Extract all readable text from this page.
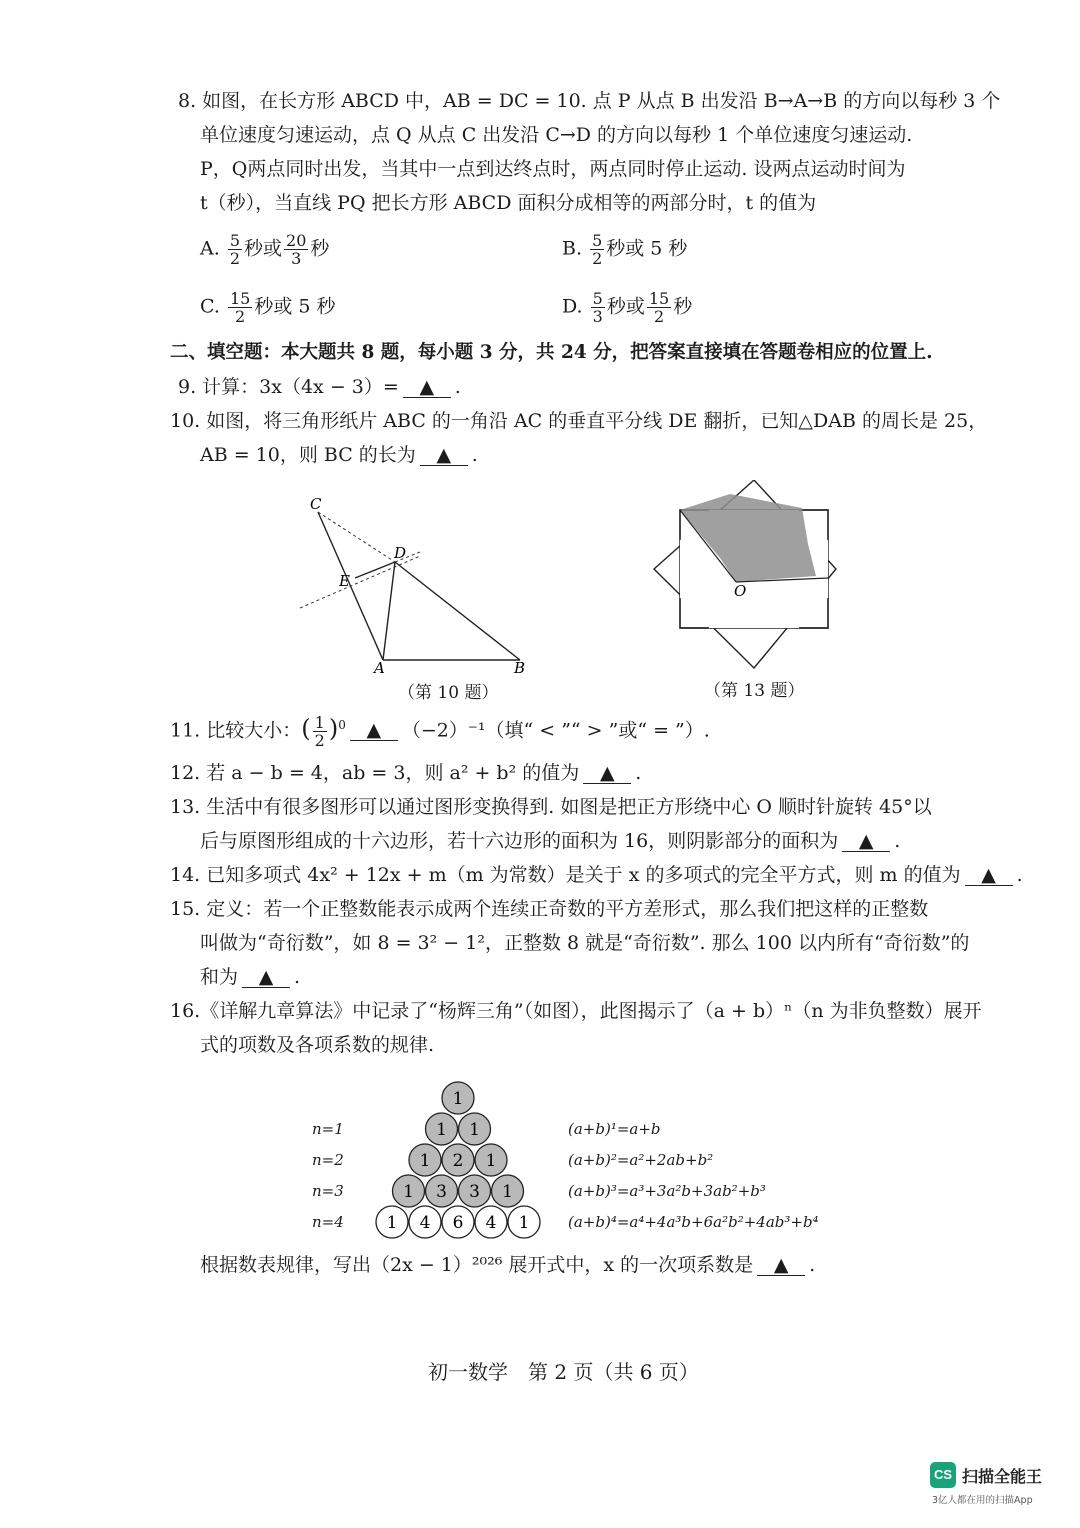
8. 如图，在长方形 ABCD 中，AB = DC = 10. 点 P 从点 B 出发沿 B→A→B 的方向以每秒 3 个
单位速度匀速运动，点 Q 从点 C 出发沿 C→D 的方向以每秒 1 个单位速度匀速运动.
P，Q两点同时出发，当其中一点到达终点时，两点同时停止运动. 设两点运动时间为
t（秒），当直线 PQ 把长方形 ABCD 面积分成相等的两部分时，t 的值为
A. $\frac{5}{2}$ 秒或 $\frac{20}{3}$ 秒	B. $\frac{5}{2}$ 秒或 5 秒
C. $\frac{15}{2}$ 秒或 5 秒	D. $\frac{5}{3}$ 秒或 $\frac{15}{2}$ 秒
二、填空题：本大题共 8 题，每小题 3 分，共 24 分，把答案直接填在答题卷相应的位置上.
9. 计算：3x（4x − 3）= ▲ .
10. 如图，将三角形纸片 ABC 的一角沿 AC 的垂直平分线 DE 翻折，已知△DAB 的周长是 25，
AB = 10，则 BC 的长为 ▲ .
C
D
E
A	B
（第 10 题）
O
（第 13 题）
11. 比较大小：( $\frac{1}{2} )^0$ ▲ （−2）⁻¹（填“ < ”“ > ”或“ = ”）.
12. 若 a − b = 4，ab = 3，则 a² + b² 的值为 ▲ .
13. 生活中有很多图形可以通过图形变换得到. 如图是把正方形绕中心 O 顺时针旋转 45°以
后与原图形组成的十六边形，若十六边形的面积为 16，则阴影部分的面积为 ▲ .
14. 已知多项式 4x² + 12x + m（m 为常数）是关于 x 的多项式的完全平方式，则 m 的值为 ▲ .
15. 定义：若一个正整数能表示成两个连续正奇数的平方差形式，那么我们把这样的正整数
叫做为“奇衍数”，如 8 = 3² − 1²，正整数 8 就是“奇衍数”. 那么 100 以内所有“奇衍数”的
和为 ▲ .
16.《详解九章算法》中记录了“杨辉三角”（如图），此图揭示了（a + b）ⁿ（n 为非负整数）展开
式的项数及各项系数的规律.
n=1
n=2
n=3
n=4
1
1 1
1 2 1
1 3 3 1
1 4 6 4 1
(a+b)¹=a+b
(a+b)²=a²+2ab+b²
(a+b)³=a³+3a²b+3ab²+b³
(a+b)⁴=a⁴+4a³b+6a²b²+4ab³+b⁴
根据数表规律，写出（2x − 1）²⁰²⁶ 展开式中，x 的一次项系数是 ▲ .
初一数学　第 2 页（共 6 页）
CS 扫描全能王
3亿人都在用的扫描App
